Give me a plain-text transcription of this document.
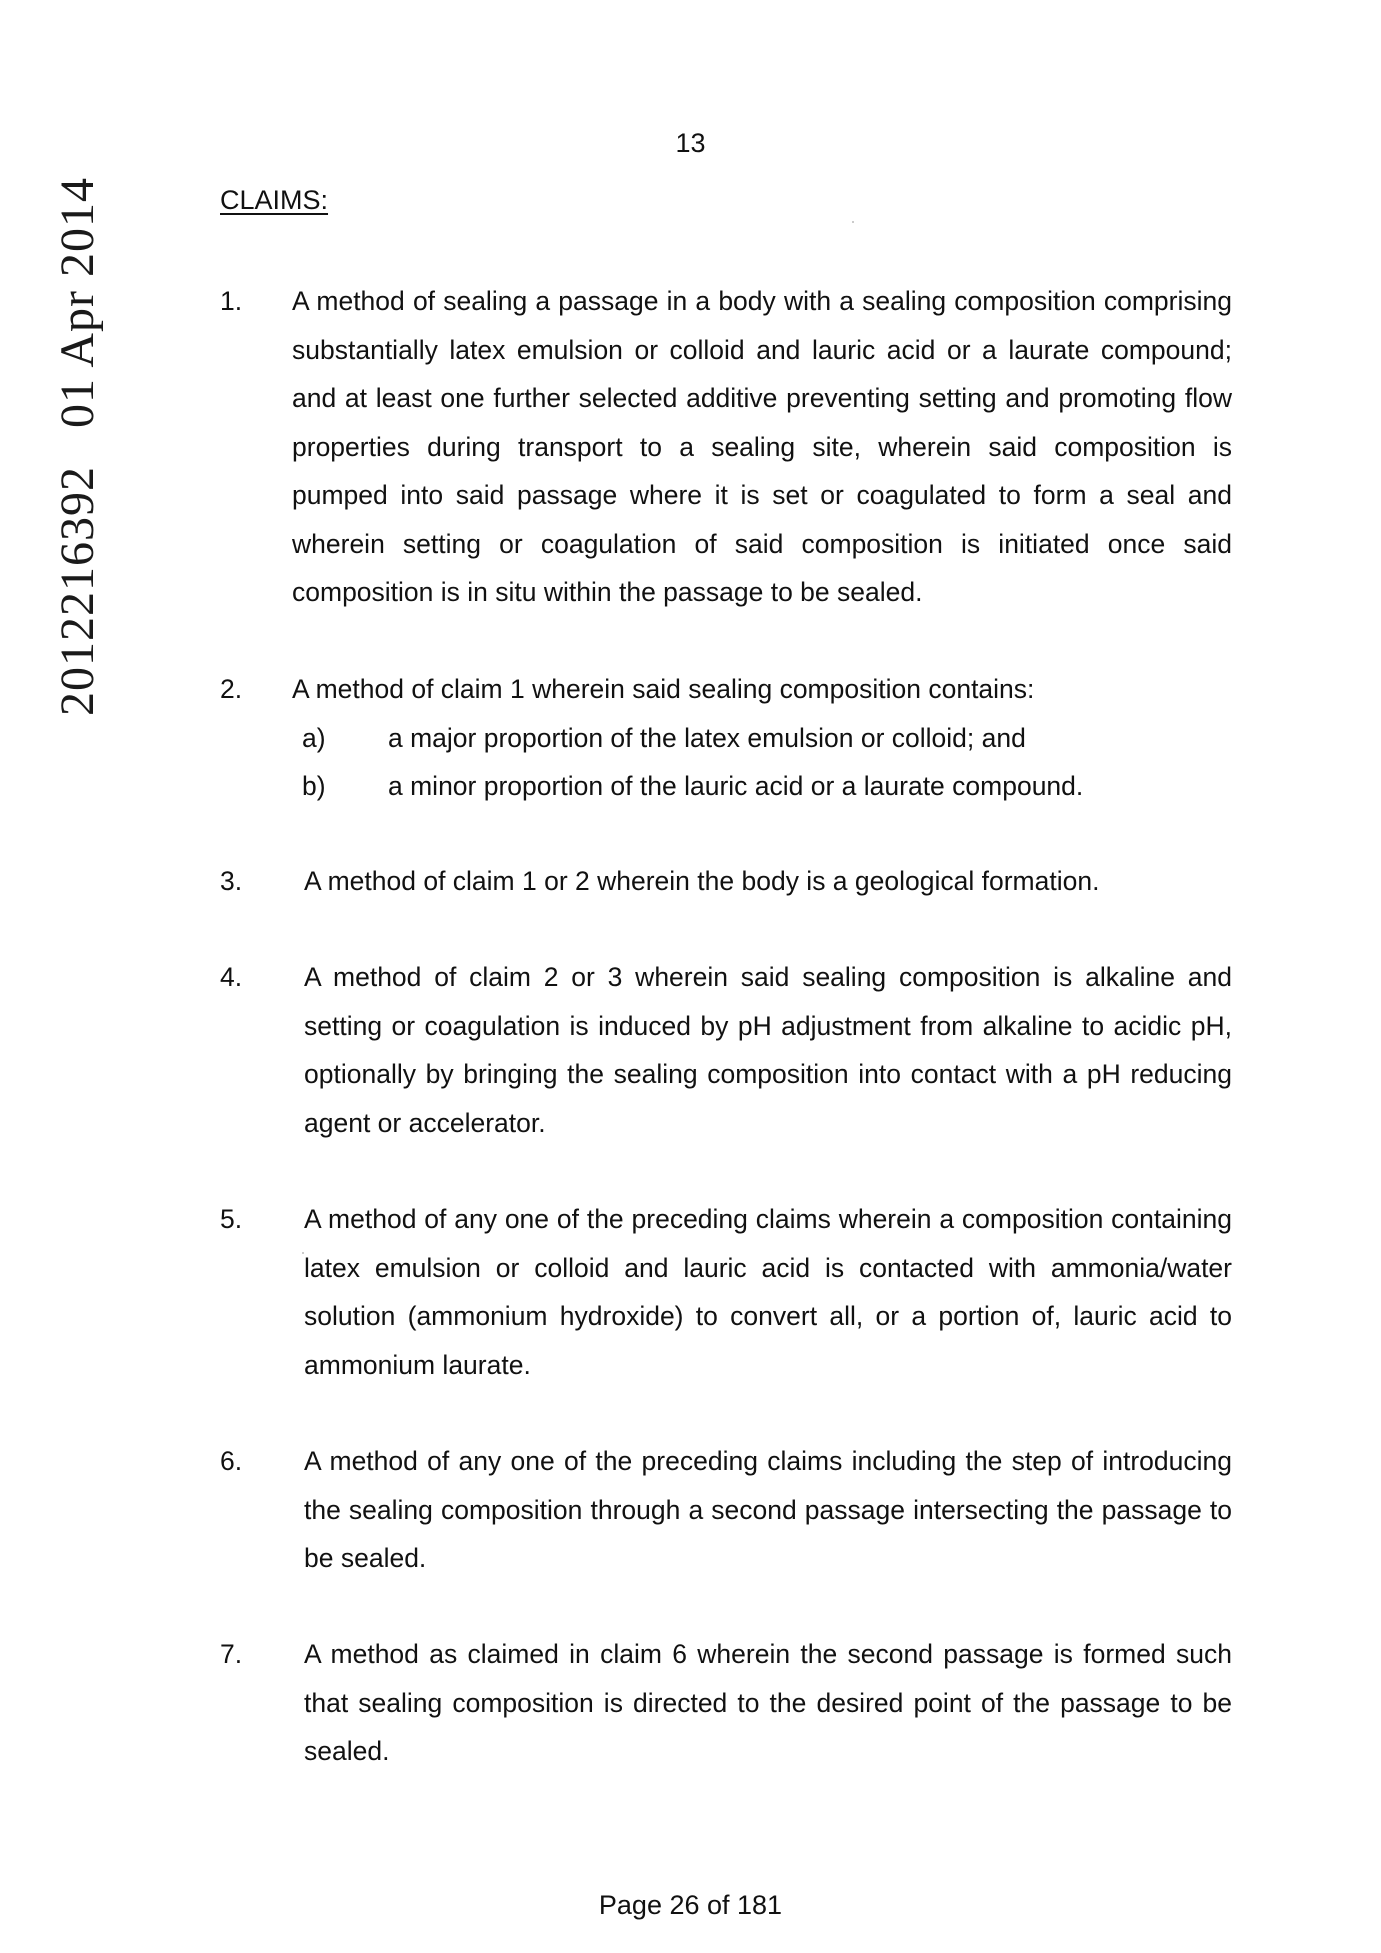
13
201221639201 Apr 2014	CLAIMS:
1. A method of sealing a passage in a body with a sealing composition comprising substantially latex emulsion or colloid and lauric acid or a laurate compound; and at least one further selected additive preventing setting and promoting flow properties during transport to a sealing site, wherein said composition is pumped into said passage where it is set or coagulated to form a seal and wherein setting or coagulation of said composition is initiated once said composition is in situ within the passage to be sealed.
2. A method of claim 1 wherein said sealing composition contains:
a) a major proportion of the latex emulsion or colloid; and
b) a minor proportion of the lauric acid or a laurate compound.
3. A method of claim 1 or 2 wherein the body is a geological formation.
4. A method of claim 2 or 3 wherein said sealing composition is alkaline and setting or coagulation is induced by pH adjustment from alkaline to acidic pH, optionally by bringing the sealing composition into contact with a pH reducing agent or accelerator.
5. A method of any one of the preceding claims wherein a composition containing latex emulsion or colloid and lauric acid is contacted with ammonia/water solution (ammonium hydroxide) to convert all, or a portion of, lauric acid to ammonium laurate.
6. A method of any one of the preceding claims including the step of introducing the sealing composition through a second passage intersecting the passage to be sealed.
7. A method as claimed in claim 6 wherein the second passage is formed such that sealing composition is directed to the desired point of the passage to be sealed.
Page 26 of 181
